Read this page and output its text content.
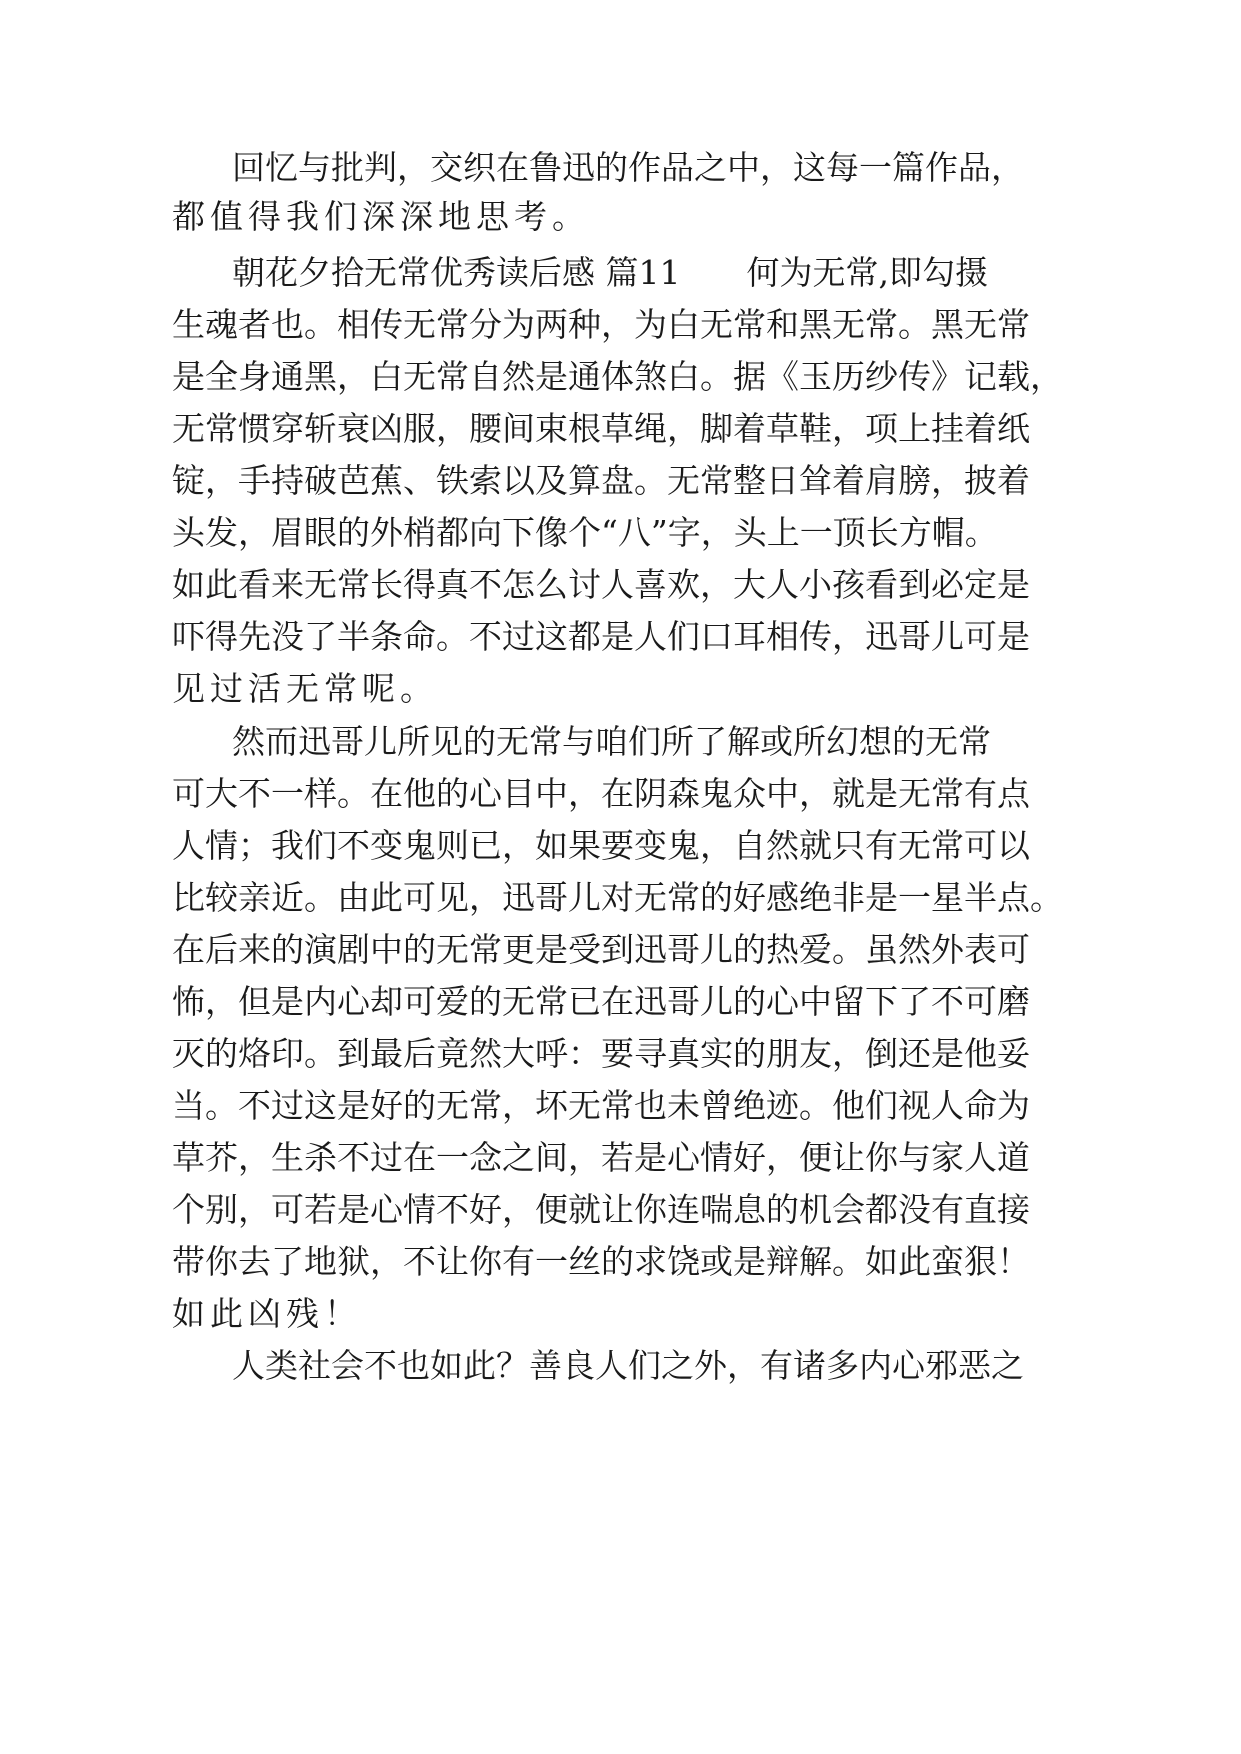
回忆与批判，交织在鲁迅的作品之中，这每一篇作品，
都值得我们深深地思考。
朝花夕拾无常优秀读后感 篇11　　何为无常,即勾摄
生魂者也。相传无常分为两种，为白无常和黑无常。黑无常
是全身通黑，白无常自然是通体煞白。据《玉历纱传》记载，
无常惯穿斩衰凶服，腰间束根草绳，脚着草鞋，项上挂着纸
锭，手持破芭蕉、铁索以及算盘。无常整日耸着肩膀，披着
头发，眉眼的外梢都向下像个“八”字，头上一顶长方帽。
如此看来无常长得真不怎么讨人喜欢，大人小孩看到必定是
吓得先没了半条命。不过这都是人们口耳相传，迅哥儿可是
见过活无常呢。
然而迅哥儿所见的无常与咱们所了解或所幻想的无常
可大不一样。在他的心目中，在阴森鬼众中，就是无常有点
人情；我们不变鬼则已，如果要变鬼，自然就只有无常可以
比较亲近。由此可见，迅哥儿对无常的好感绝非是一星半点。
在后来的演剧中的无常更是受到迅哥儿的热爱。虽然外表可
怖，但是内心却可爱的无常已在迅哥儿的心中留下了不可磨
灭的烙印。到最后竟然大呼：要寻真实的朋友，倒还是他妥
当。不过这是好的无常，坏无常也未曾绝迹。他们视人命为
草芥，生杀不过在一念之间，若是心情好，便让你与家人道
个别，可若是心情不好，便就让你连喘息的机会都没有直接
带你去了地狱，不让你有一丝的求饶或是辩解。如此蛮狠！
如此凶残！
人类社会不也如此？善良人们之外，有诸多内心邪恶之
